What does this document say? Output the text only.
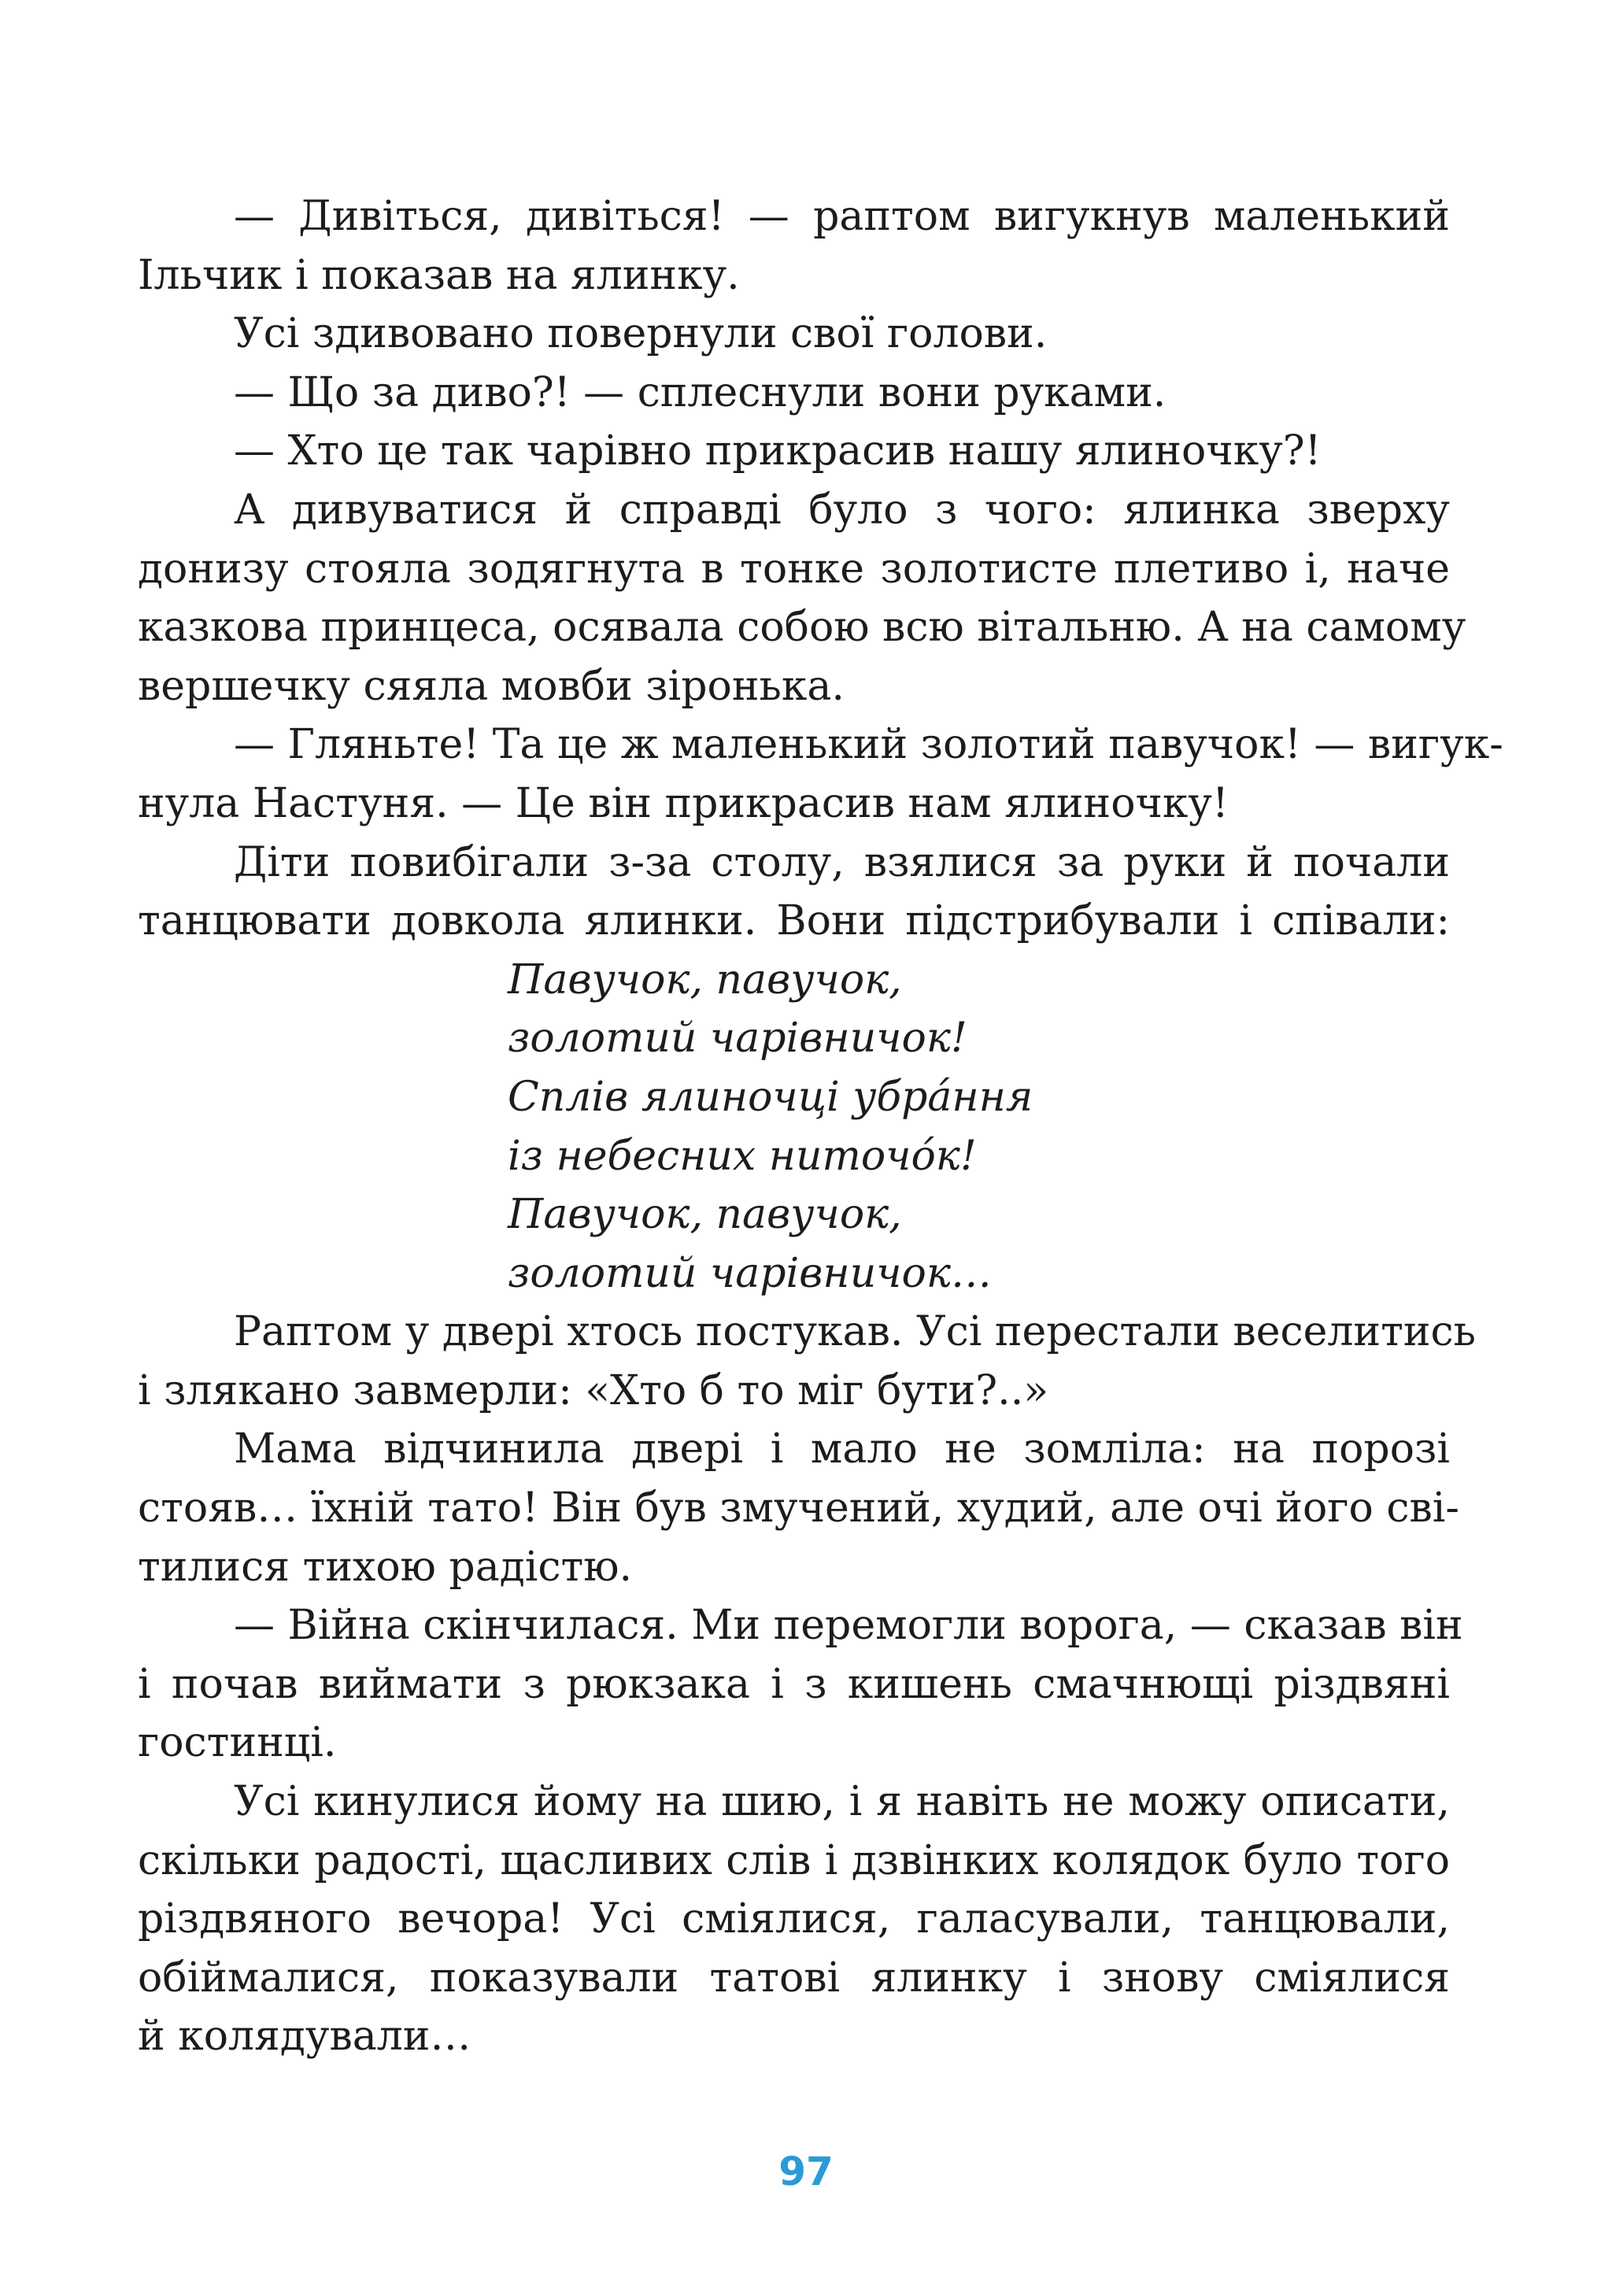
— Дивіться, дивіться! — раптом вигукнув маленький
Ільчик і показав на ялинку.
Усі здивовано повернули свої голови.
— Що за диво?! — сплеснули вони руками.
— Хто це так чарівно прикрасив нашу ялиночку?!
А дивуватися й справді було з чого: ялинка зверху
донизу стояла зодягнута в тонке золотисте плетиво і, наче
казкова принцеса, осявала собою всю вітальню. А на самому
вершечку сяяла мовби зіронька.
— Гляньте! Та це ж маленький золотий павучок! — вигук-
нула Настуня. — Це він прикрасив нам ялиночку!
Діти повибігали з-за столу, взялися за руки й почали
танцювати довкола ялинки. Вони підстрибували і співали:
Павучок, павучок,
золотий чарівничок!
Сплів ялиночці убрáння
із небесних ниточóк!
Павучок, павучок,
золотий чарівничок…
Раптом у двері хтось постукав. Усі перестали веселитись
і злякано завмерли: «Хто б то міг бути?..»
Мама відчинила двері і мало не зомліла: на порозі
стояв… їхній тато! Він був змучений, худий, але очі його сві-
тилися тихою радістю.
— Війна скінчилася. Ми перемогли ворога, — сказав він
і почав виймати з рюкзака і з кишень смачнющі різдвяні
гостинці.
Усі кинулися йому на шию, і я навіть не можу описати,
скільки радості, щасливих слів і дзвінких колядок було того
різдвяного вечора! Усі сміялися, галасували, танцювали,
обіймалися, показували татові ялинку і знову сміялися
й колядували…
97
